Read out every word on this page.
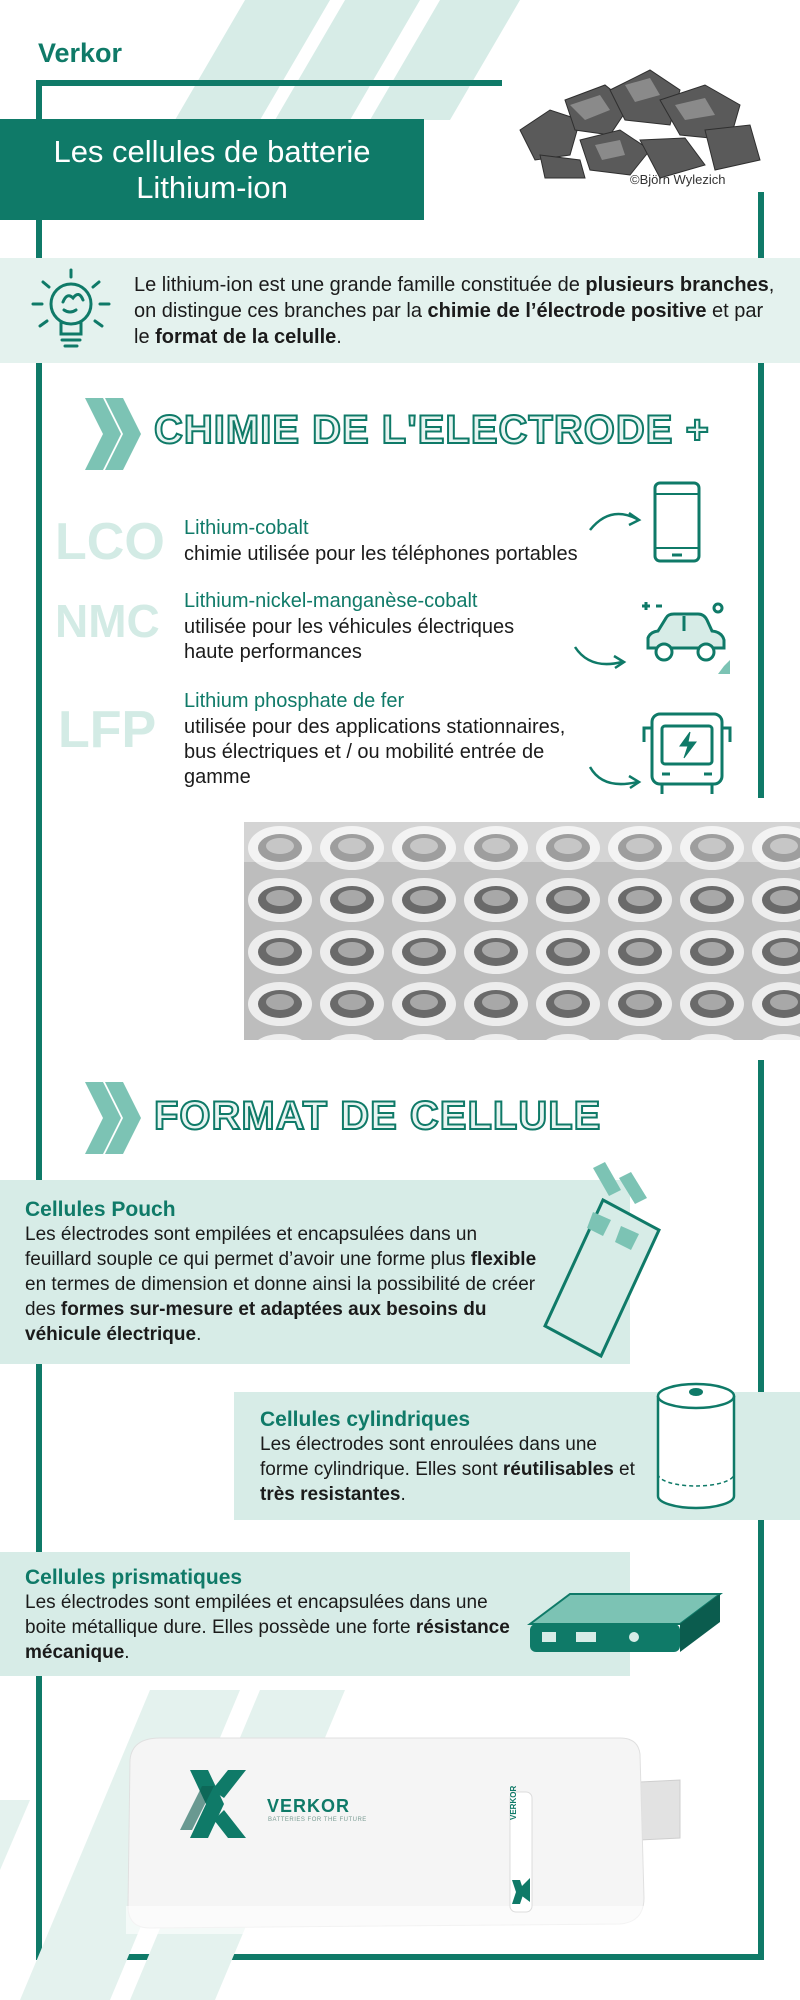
Verkor
©Björn Wylezich
Les cellules de batterie
Lithium-ion
Le lithium-ion est une grande famille constituée de plusieurs branches, on distingue ces branches par la chimie de l’électrode positive et par le format de la celulle.
CHIMIE DE L'ELECTRODE +
LCO Lithium-cobalt
chimie utilisée pour les téléphones portables
NMC Lithium-nickel-manganèse-cobalt
utilisée pour les véhicules électriques
haute performances
LFP Lithium phosphate de fer
utilisée pour des applications stationnaires,
bus électriques et / ou mobilité entrée de
gamme
FORMAT DE CELLULE
Cellules Pouch

Les électrodes sont empilées et encapsulées dans un feuillard souple ce qui permet d’avoir une forme plus flexible en termes de dimension et donne ainsi la possibilité de créer des formes sur-mesure et adaptées aux besoins du véhicule électrique.

Cellules cylindriques

Les électrodes sont enroulées dans une forme cylindrique. Elles sont réutilisables et très resistantes.

Cellules prismatiques

Les électrodes sont empilées et encapsulées dans une boite métallique dure. Elles possède une forte résistance mécanique.

VERKOR
BATTERIES FOR THE FUTURE	VERKOR
